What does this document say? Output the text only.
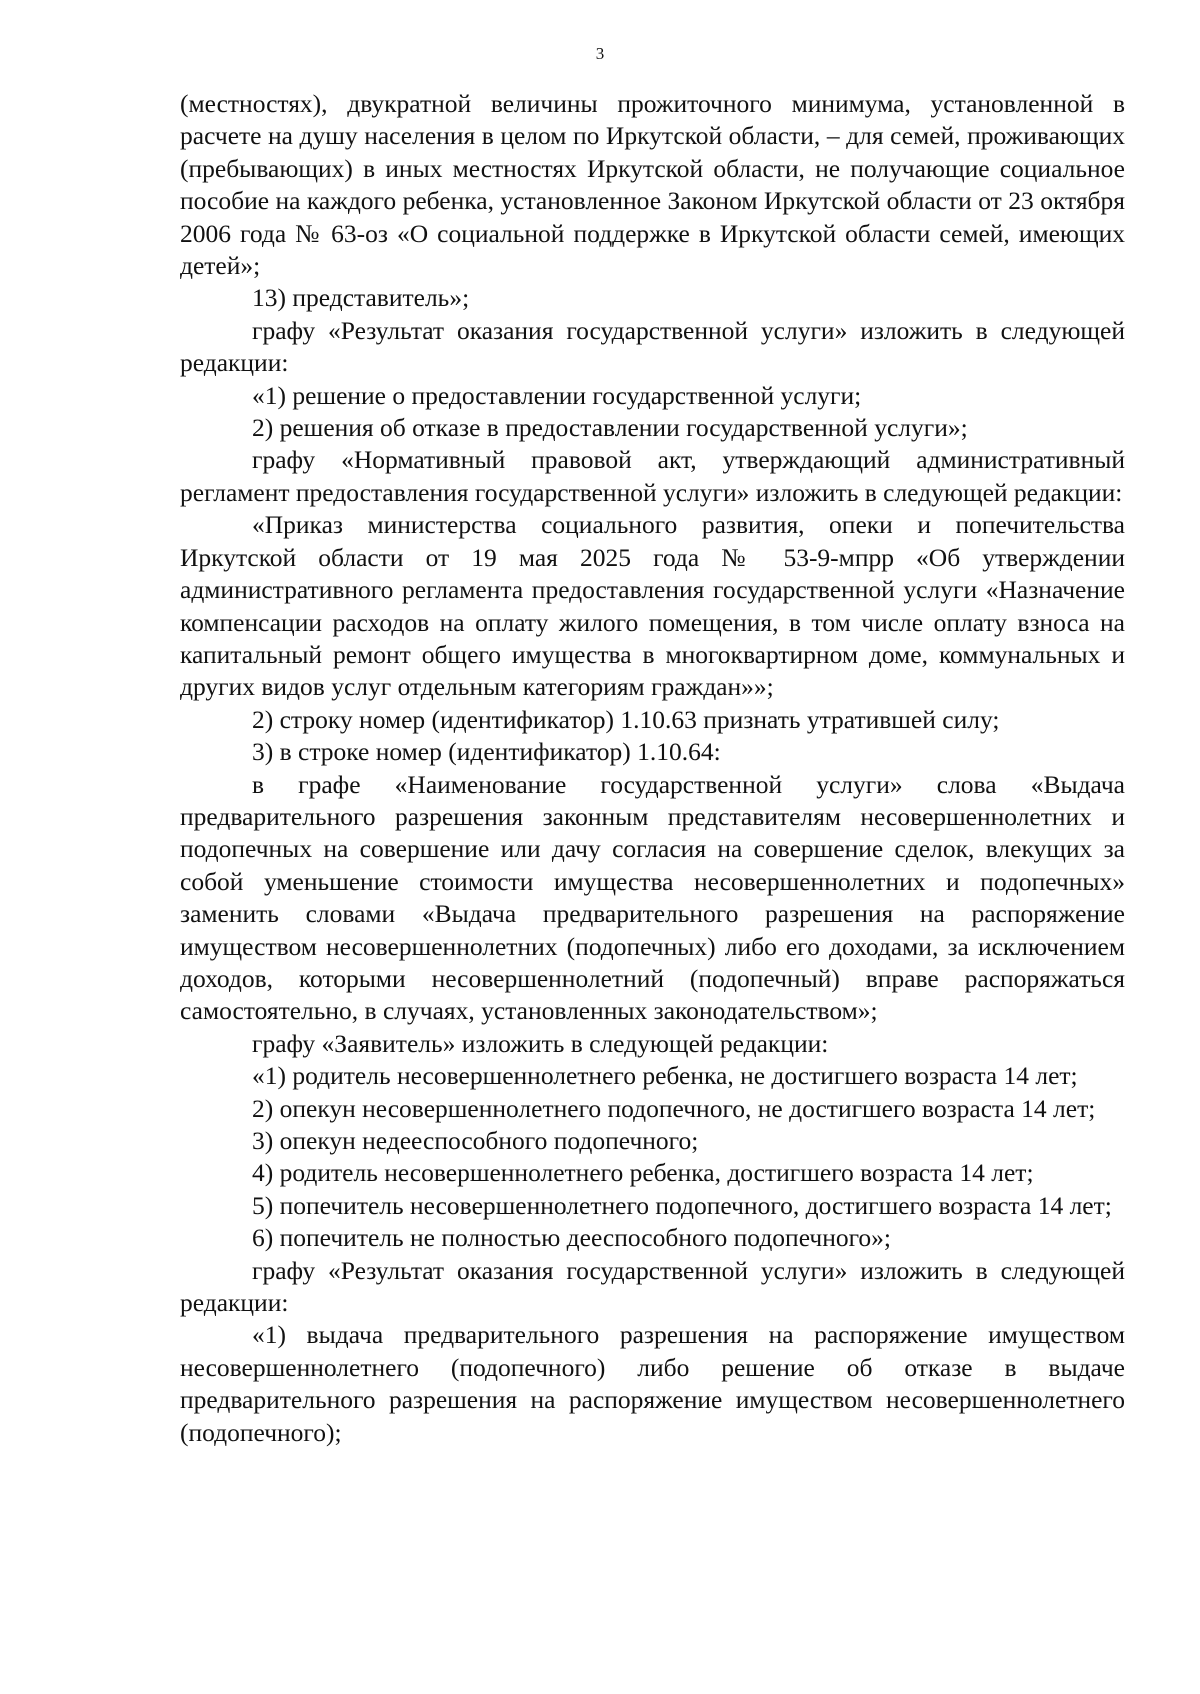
3

(местностях), двукратной величины прожиточного минимума, установленной в расчете на душу населения в целом по Иркутской области, – для семей, проживающих (пребывающих) в иных местностях Иркутской области, не получающие социальное пособие на каждого ребенка, установленное Законом Иркутской области от 23 октября 2006 года № 63-оз «О социальной поддержке в Иркутской области семей, имеющих детей»;

13) представитель»;

графу «Результат оказания государственной услуги» изложить в следующей редакции:

«1) решение о предоставлении государственной услуги;

2) решения об отказе в предоставлении государственной услуги»;

графу «Нормативный правовой акт, утверждающий административный регламент предоставления государственной услуги» изложить в следующей редакции:

«Приказ министерства социального развития, опеки и попечительства Иркутской области от 19 мая 2025 года № 53-9-мпрр «Об утверждении административного регламента предоставления государственной услуги «Назначение компенсации расходов на оплату жилого помещения, в том числе оплату взноса на капитальный ремонт общего имущества в многоквартирном доме, коммунальных и других видов услуг отдельным категориям граждан»»;

2) строку номер (идентификатор) 1.10.63 признать утратившей силу;

3) в строке номер (идентификатор) 1.10.64:

в графе «Наименование государственной услуги» слова «Выдача предварительного разрешения законным представителям несовершеннолетних и подопечных на совершение или дачу согласия на совершение сделок, влекущих за собой уменьшение стоимости имущества несовершеннолетних и подопечных» заменить словами «Выдача предварительного разрешения на распоряжение имуществом несовершеннолетних (подопечных) либо его доходами, за исключением доходов, которыми несовершеннолетний (подопечный) вправе распоряжаться самостоятельно, в случаях, установленных законодательством»;

графу «Заявитель» изложить в следующей редакции:

«1) родитель несовершеннолетнего ребенка, не достигшего возраста 14 лет;

2) опекун несовершеннолетнего подопечного, не достигшего возраста 14 лет;

3) опекун недееспособного подопечного;

4) родитель несовершеннолетнего ребенка, достигшего возраста 14 лет;

5) попечитель несовершеннолетнего подопечного, достигшего возраста 14 лет;

6) попечитель не полностью дееспособного подопечного»;

графу «Результат оказания государственной услуги» изложить в следующей редакции:

«1) выдача предварительного разрешения на распоряжение имуществом несовершеннолетнего (подопечного) либо решение об отказе в выдаче предварительного разрешения на распоряжение имуществом несовершеннолетнего (подопечного);
